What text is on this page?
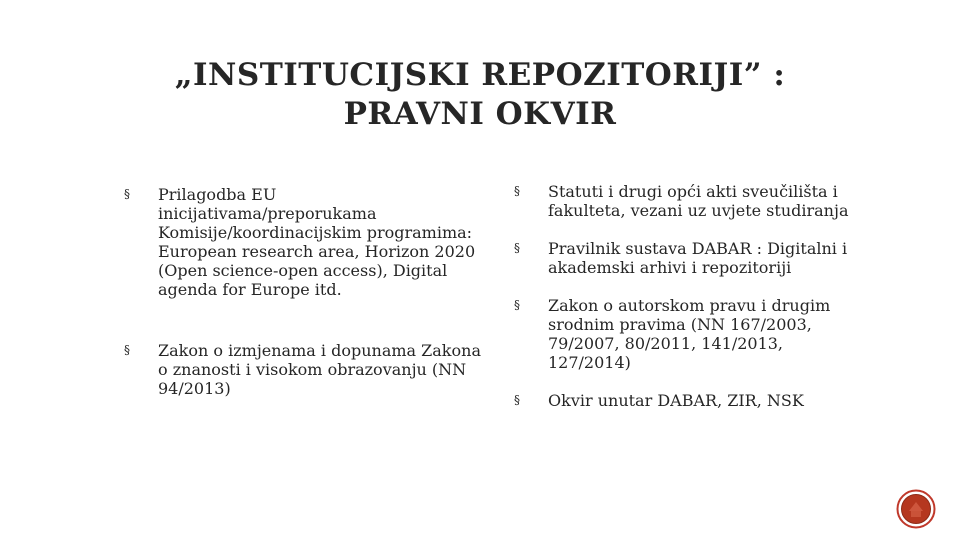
„INSTITUCIJSKI REPOZITORIJI” :
PRAVNI OKVIR
§ Prilagodba EU inicijativama/preporukama Komisije/koordinacijskim programima: European research area, Horizon 2020 (Open science-open access), Digital agenda for Europe itd.
§ Zakon o izmjenama i dopunama Zakona o znanosti i visokom obrazovanju (NN 94/2013)
§ Statuti i drugi opći akti sveučilišta i fakulteta, vezani uz uvjete studiranja
§ Pravilnik sustava DABAR : Digitalni i akademski arhivi i repozitoriji
§ Zakon o autorskom pravu i drugim srodnim pravima (NN 167/2003, 79/2007, 80/2011, 141/2013, 127/2014)
§ Okvir unutar DABAR, ZIR, NSK
